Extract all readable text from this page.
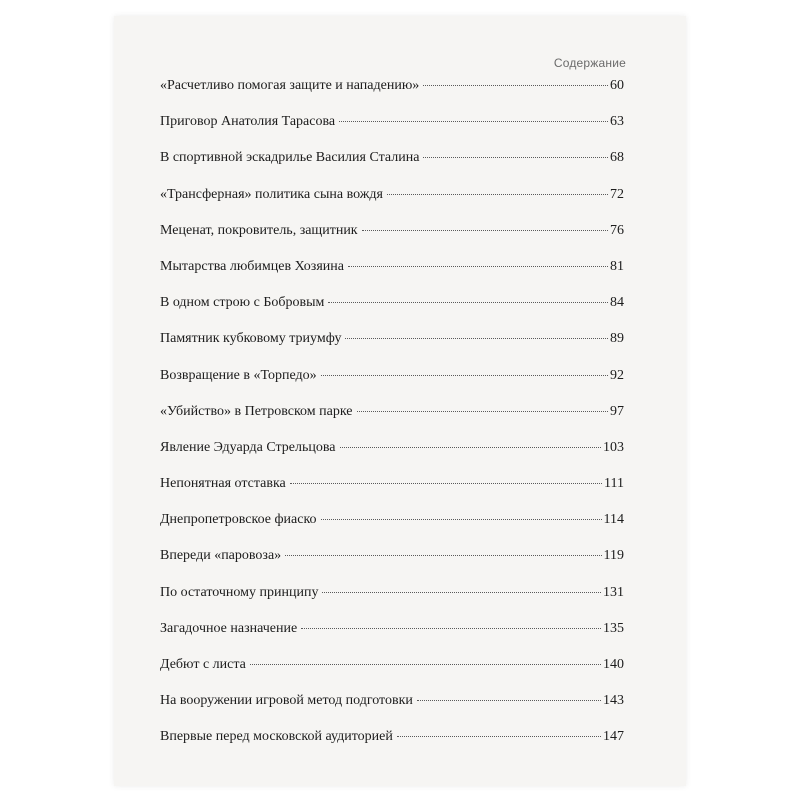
Содержание
«Расчетливо помогая защите и нападению»	60
Приговор Анатолия Тарасова	63
В спортивной эскадрилье Василия Сталина	68
«Трансферная» политика сына вождя	72
Меценат, покровитель, защитник	76
Мытарства любимцев Хозяина	81
В одном строю с Бобровым	84
Памятник кубковому триумфу	89
Возвращение в «Торпедо»	92
«Убийство» в Петровском парке	97
Явление Эдуарда Стрельцова	103
Непонятная отставка	111
Днепропетровское фиаско	114
Впереди «паровоза»	119
По остаточному принципу	131
Загадочное назначение	135
Дебют с листа	140
На вооружении игровой метод подготовки	143
Впервые перед московской аудиторией	147
